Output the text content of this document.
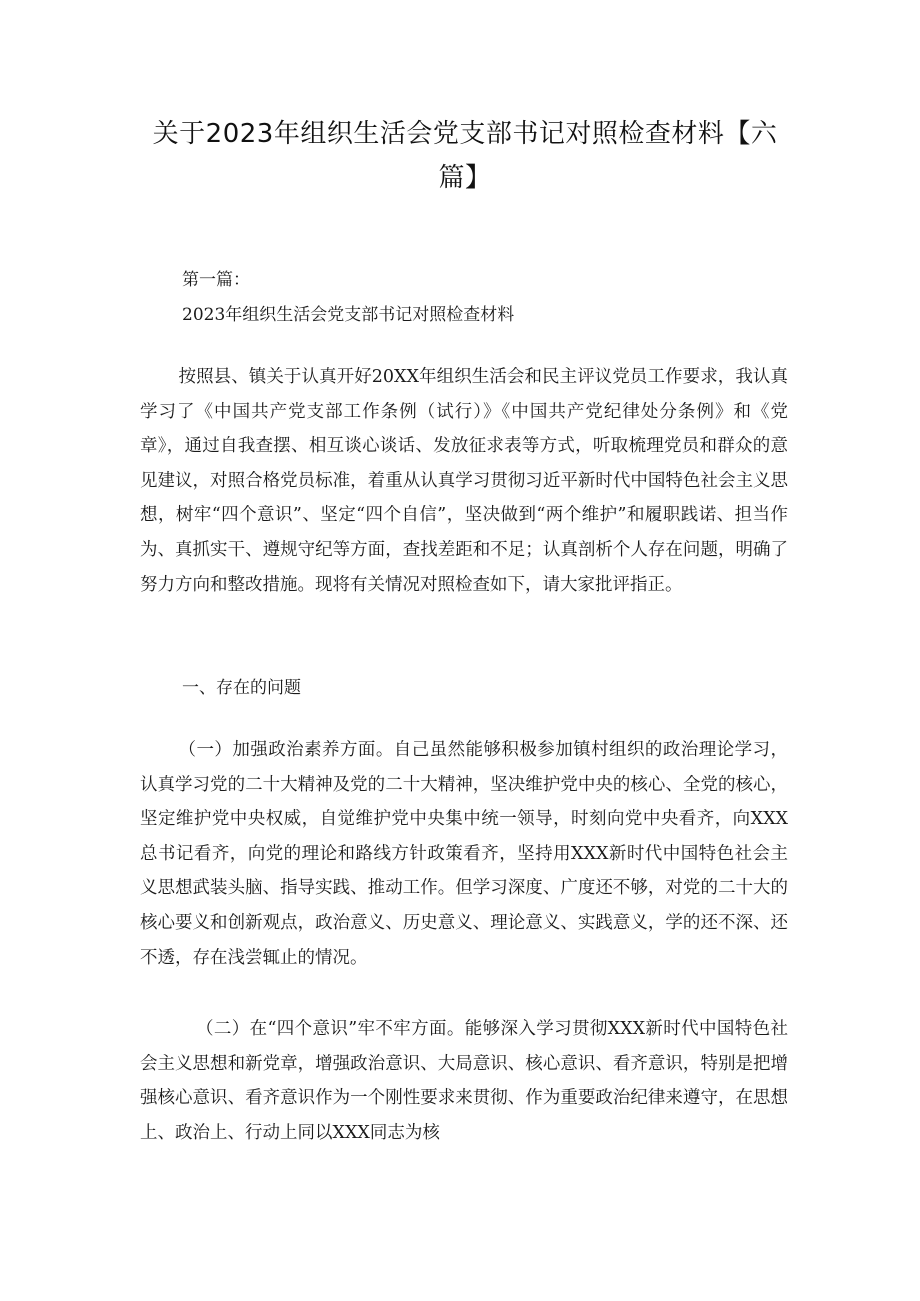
关于2023年组织生活会党支部书记对照检查材料【六篇】

第一篇：

2023年组织生活会党支部书记对照检查材料

按照县、镇关于认真开好20XX年组织生活会和民主评议党员工作要求，我认真学习了《中国共产党支部工作条例（试行）》《中国共产党纪律处分条例》和《党章》，通过自我查摆、相互谈心谈话、发放征求表等方式，听取梳理党员和群众的意见建议，对照合格党员标准，着重从认真学习贯彻习近平新时代中国特色社会主义思想，树牢“四个意识”、坚定“四个自信”，坚决做到“两个维护”和履职践诺、担当作为、真抓实干、遵规守纪等方面，查找差距和不足；认真剖析个人存在问题，明确了努力方向和整改措施。现将有关情况对照检查如下，请大家批评指正。

一、存在的问题

（一）加强政治素养方面。自己虽然能够积极参加镇村组织的政治理论学习，认真学习党的二十大精神及党的二十大精神，坚决维护党中央的核心、全党的核心，坚定维护党中央权威，自觉维护党中央集中统一领导，时刻向党中央看齐，向XXX总书记看齐，向党的理论和路线方针政策看齐，坚持用XXX新时代中国特色社会主义思想武装头脑、指导实践、推动工作。但学习深度、广度还不够，对党的二十大的核心要义和创新观点，政治意义、历史意义、理论意义、实践意义，学的还不深、还不透，存在浅尝辄止的情况。

（二）在“四个意识”牢不牢方面。能够深入学习贯彻XXX新时代中国特色社会主义思想和新党章，增强政治意识、大局意识、核心意识、看齐意识，特别是把增强核心意识、看齐意识作为一个刚性要求来贯彻、作为重要政治纪律来遵守，在思想上、政治上、行动上同以XXX同志为核
